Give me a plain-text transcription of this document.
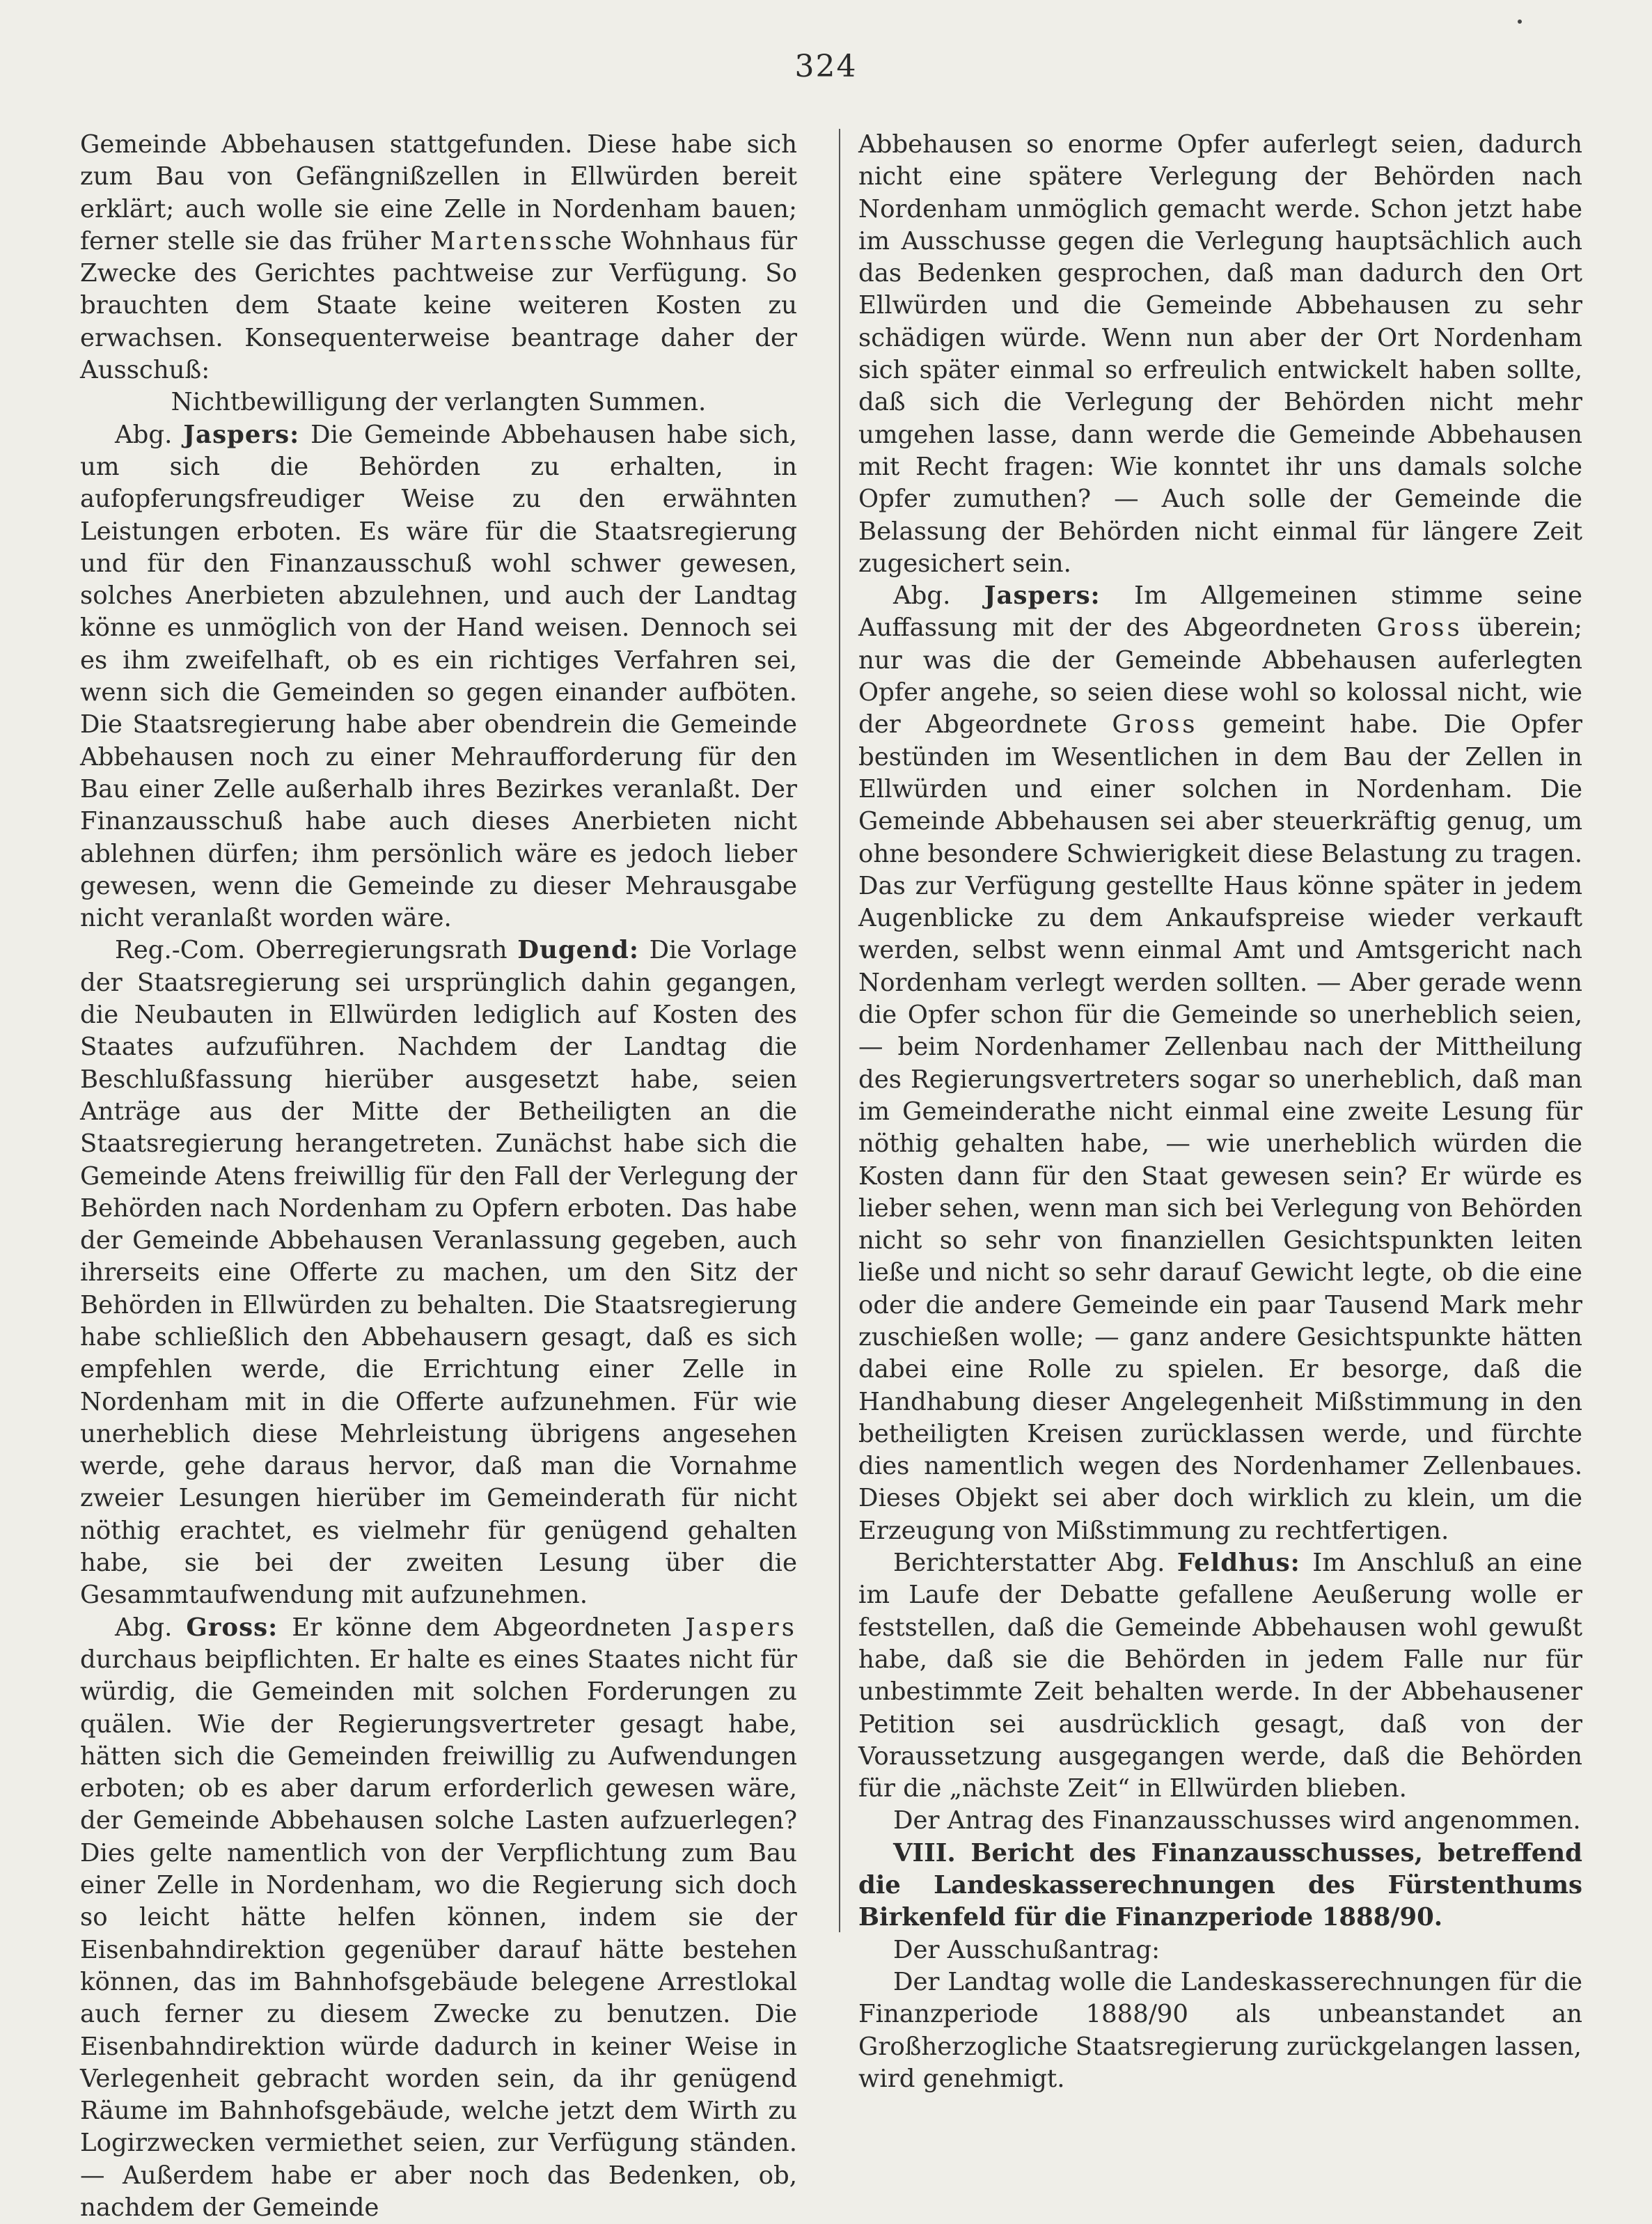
324

Gemeinde Abbehausen stattgefunden. Diese habe sich zum Bau von Gefängnißzellen in Ellwürden bereit erklärt; auch wolle sie eine Zelle in Nordenham bauen; ferner stelle sie das früher Martenssche Wohnhaus für Zwecke des Gerichtes pachtweise zur Verfügung. So brauchten dem Staate keine weiteren Kosten zu erwachsen. Konsequenterweise beantrage daher der Ausschuß:

Nichtbewilligung der verlangten Summen.

Abg. Jaspers: Die Gemeinde Abbehausen habe sich, um sich die Behörden zu erhalten, in aufopferungsfreudiger Weise zu den erwähnten Leistungen erboten. Es wäre für die Staatsregierung und für den Finanzausschuß wohl schwer gewesen, solches Anerbieten abzulehnen, und auch der Landtag könne es unmöglich von der Hand weisen. Dennoch sei es ihm zweifelhaft, ob es ein richtiges Verfahren sei, wenn sich die Gemeinden so gegen einander aufböten. Die Staatsregierung habe aber obendrein die Gemeinde Abbehausen noch zu einer Mehraufforderung für den Bau einer Zelle außerhalb ihres Bezirkes veranlaßt. Der Finanzausschuß habe auch dieses Anerbieten nicht ablehnen dürfen; ihm persönlich wäre es jedoch lieber gewesen, wenn die Gemeinde zu dieser Mehrausgabe nicht veranlaßt worden wäre.

Reg.-Com. Oberregierungsrath Dugend: Die Vorlage der Staatsregierung sei ursprünglich dahin gegangen, die Neubauten in Ellwürden lediglich auf Kosten des Staates aufzuführen. Nachdem der Landtag die Beschlußfassung hierüber ausgesetzt habe, seien Anträge aus der Mitte der Betheiligten an die Staatsregierung herangetreten. Zunächst habe sich die Gemeinde Atens freiwillig für den Fall der Verlegung der Behörden nach Nordenham zu Opfern erboten. Das habe der Gemeinde Abbehausen Veranlassung gegeben, auch ihrerseits eine Offerte zu machen, um den Sitz der Behörden in Ellwürden zu behalten. Die Staatsregierung habe schließlich den Abbehausern gesagt, daß es sich empfehlen werde, die Errichtung einer Zelle in Nordenham mit in die Offerte aufzunehmen. Für wie unerheblich diese Mehrleistung übrigens angesehen werde, gehe daraus hervor, daß man die Vornahme zweier Lesungen hierüber im Gemeinderath für nicht nöthig erachtet, es vielmehr für genügend gehalten habe, sie bei der zweiten Lesung über die Gesammtaufwendung mit aufzunehmen.

Abg. Gross: Er könne dem Abgeordneten Jaspers durchaus beipflichten. Er halte es eines Staates nicht für würdig, die Gemeinden mit solchen Forderungen zu quälen. Wie der Regierungsvertreter gesagt habe, hätten sich die Gemeinden freiwillig zu Aufwendungen erboten; ob es aber darum erforderlich gewesen wäre, der Gemeinde Abbehausen solche Lasten aufzuerlegen? Dies gelte namentlich von der Verpflichtung zum Bau einer Zelle in Nordenham, wo die Regierung sich doch so leicht hätte helfen können, indem sie der Eisenbahndirektion gegenüber darauf hätte bestehen können, das im Bahnhofsgebäude belegene Arrestlokal auch ferner zu diesem Zwecke zu benutzen. Die Eisenbahndirektion würde dadurch in keiner Weise in Verlegenheit gebracht worden sein, da ihr genügend Räume im Bahnhofsgebäude, welche jetzt dem Wirth zu Logirzwecken vermiethet seien, zur Verfügung ständen. — Außerdem habe er aber noch das Bedenken, ob, nachdem der Gemeinde

Abbehausen so enorme Opfer auferlegt seien, dadurch nicht eine spätere Verlegung der Behörden nach Nordenham unmöglich gemacht werde. Schon jetzt habe im Ausschusse gegen die Verlegung hauptsächlich auch das Bedenken gesprochen, daß man dadurch den Ort Ellwürden und die Gemeinde Abbehausen zu sehr schädigen würde. Wenn nun aber der Ort Nordenham sich später einmal so erfreulich entwickelt haben sollte, daß sich die Verlegung der Behörden nicht mehr umgehen lasse, dann werde die Gemeinde Abbehausen mit Recht fragen: Wie konntet ihr uns damals solche Opfer zumuthen? — Auch solle der Gemeinde die Belassung der Behörden nicht einmal für längere Zeit zugesichert sein.

Abg. Jaspers: Im Allgemeinen stimme seine Auffassung mit der des Abgeordneten Gross überein; nur was die der Gemeinde Abbehausen auferlegten Opfer angehe, so seien diese wohl so kolossal nicht, wie der Abgeordnete Gross gemeint habe. Die Opfer bestünden im Wesentlichen in dem Bau der Zellen in Ellwürden und einer solchen in Nordenham. Die Gemeinde Abbehausen sei aber steuerkräftig genug, um ohne besondere Schwierigkeit diese Belastung zu tragen. Das zur Verfügung gestellte Haus könne später in jedem Augenblicke zu dem Ankaufspreise wieder verkauft werden, selbst wenn einmal Amt und Amtsgericht nach Nordenham verlegt werden sollten. — Aber gerade wenn die Opfer schon für die Gemeinde so unerheblich seien, — beim Nordenhamer Zellenbau nach der Mittheilung des Regierungsvertreters sogar so unerheblich, daß man im Gemeinderathe nicht einmal eine zweite Lesung für nöthig gehalten habe, — wie unerheblich würden die Kosten dann für den Staat gewesen sein? Er würde es lieber sehen, wenn man sich bei Verlegung von Behörden nicht so sehr von finanziellen Gesichtspunkten leiten ließe und nicht so sehr darauf Gewicht legte, ob die eine oder die andere Gemeinde ein paar Tausend Mark mehr zuschießen wolle; — ganz andere Gesichtspunkte hätten dabei eine Rolle zu spielen. Er besorge, daß die Handhabung dieser Angelegenheit Mißstimmung in den betheiligten Kreisen zurücklassen werde, und fürchte dies namentlich wegen des Nordenhamer Zellenbaues. Dieses Objekt sei aber doch wirklich zu klein, um die Erzeugung von Mißstimmung zu rechtfertigen.

Berichterstatter Abg. Feldhus: Im Anschluß an eine im Laufe der Debatte gefallene Aeußerung wolle er feststellen, daß die Gemeinde Abbehausen wohl gewußt habe, daß sie die Behörden in jedem Falle nur für unbestimmte Zeit behalten werde. In der Abbehausener Petition sei ausdrücklich gesagt, daß von der Voraussetzung ausgegangen werde, daß die Behörden für die „nächste Zeit“ in Ellwürden blieben.

Der Antrag des Finanzausschusses wird angenommen.

VIII. Bericht des Finanzausschusses, betreffend die Landeskasserechnungen des Fürstenthums Birkenfeld für die Finanzperiode 1888/90.

Der Ausschußantrag:

Der Landtag wolle die Landeskasserechnungen für die Finanzperiode 1888/90 als unbeanstandet an Großherzogliche Staatsregierung zurückgelangen lassen,

wird genehmigt.
